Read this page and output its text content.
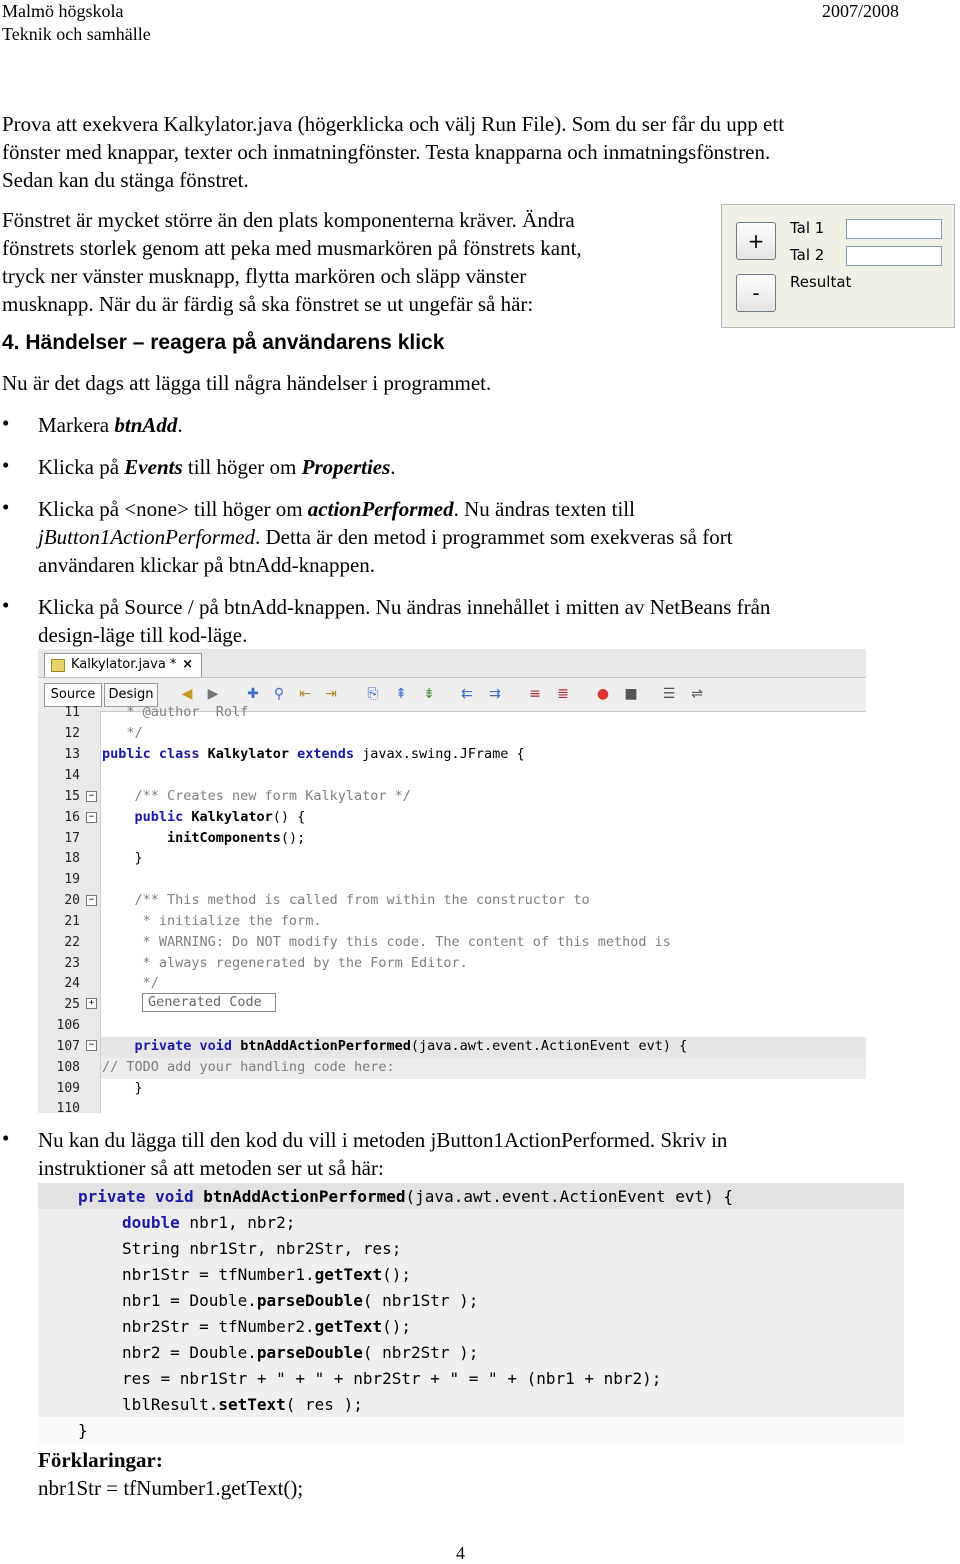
Malmö högskola
Teknik och samhälle
2007/2008
Prova att exekvera Kalkylator.java (högerklicka och välj Run File). Som du ser får du upp ett
fönster med knappar, texter och inmatningfönster. Testa knapparna och inmatningsfönstren.
Sedan kan du stänga fönstret.
Fönstret är mycket större än den plats komponenterna kräver. Ändra
fönstrets storlek genom att peka med musmarkören på fönstrets kant,
tryck ner vänster musknapp, flytta markören och släpp vänster
musknapp. När du är färdig så ska fönstret se ut ungefär så här:
+
-
Tal 1
Tal 2
Resultat
4. Händelser – reagera på användarens klick
Nu är det dags att lägga till några händelser i programmet.
• Markera btnAdd.
• Klicka på Events till höger om Properties.
• Klicka på <none> till höger om actionPerformed. Nu ändras texten till
jButton1ActionPerformed. Detta är den metod i programmet som exekveras så fort
användaren klickar på btnAdd-knappen.
• Klicka på Source / på btnAdd-knappen. Nu ändras innehållet i mitten av NetBeans från
design-läge till kod-läge.
Kalkylator.java * ×
Source	Design	◀ ▶ ✚ ⚲ ⇤ ⇥ ⎘ ⇞ ⇟ ⇇ ⇉ ≡ ≣ ● ■ ☰ ⇌
−
−
−
+
−
11
12
13
14
15
16
17
18
19
20
21
22
23
24
25
106
107
108
109
110
* @author  Rolf
*/
public class Kalkylator extends javax.swing.JFrame {
/** Creates new form Kalkylator */
public Kalkylator() {
initComponents();
}
/** This method is called from within the constructor to
* initialize the form.
* WARNING: Do NOT modify this code. The content of this method is
* always regenerated by the Form Editor.
*/
Generated Code
private void btnAddActionPerformed(java.awt.event.ActionEvent evt) {
// TODO add your handling code here:
}
• Nu kan du lägga till den kod du vill i metoden jButton1ActionPerformed. Skriv in
instruktioner så att metoden ser ut så här:
private void btnAddActionPerformed(java.awt.event.ActionEvent evt) {
double nbr1, nbr2;
String nbr1Str, nbr2Str, res;
nbr1Str = tfNumber1.getText();
nbr1 = Double.parseDouble( nbr1Str );
nbr2Str = tfNumber2.getText();
nbr2 = Double.parseDouble( nbr2Str );
res = nbr1Str + " + " + nbr2Str + " = " + (nbr1 + nbr2);
lblResult.setText( res );
}
Förklaringar:
nbr1Str = tfNumber1.getText();
4
